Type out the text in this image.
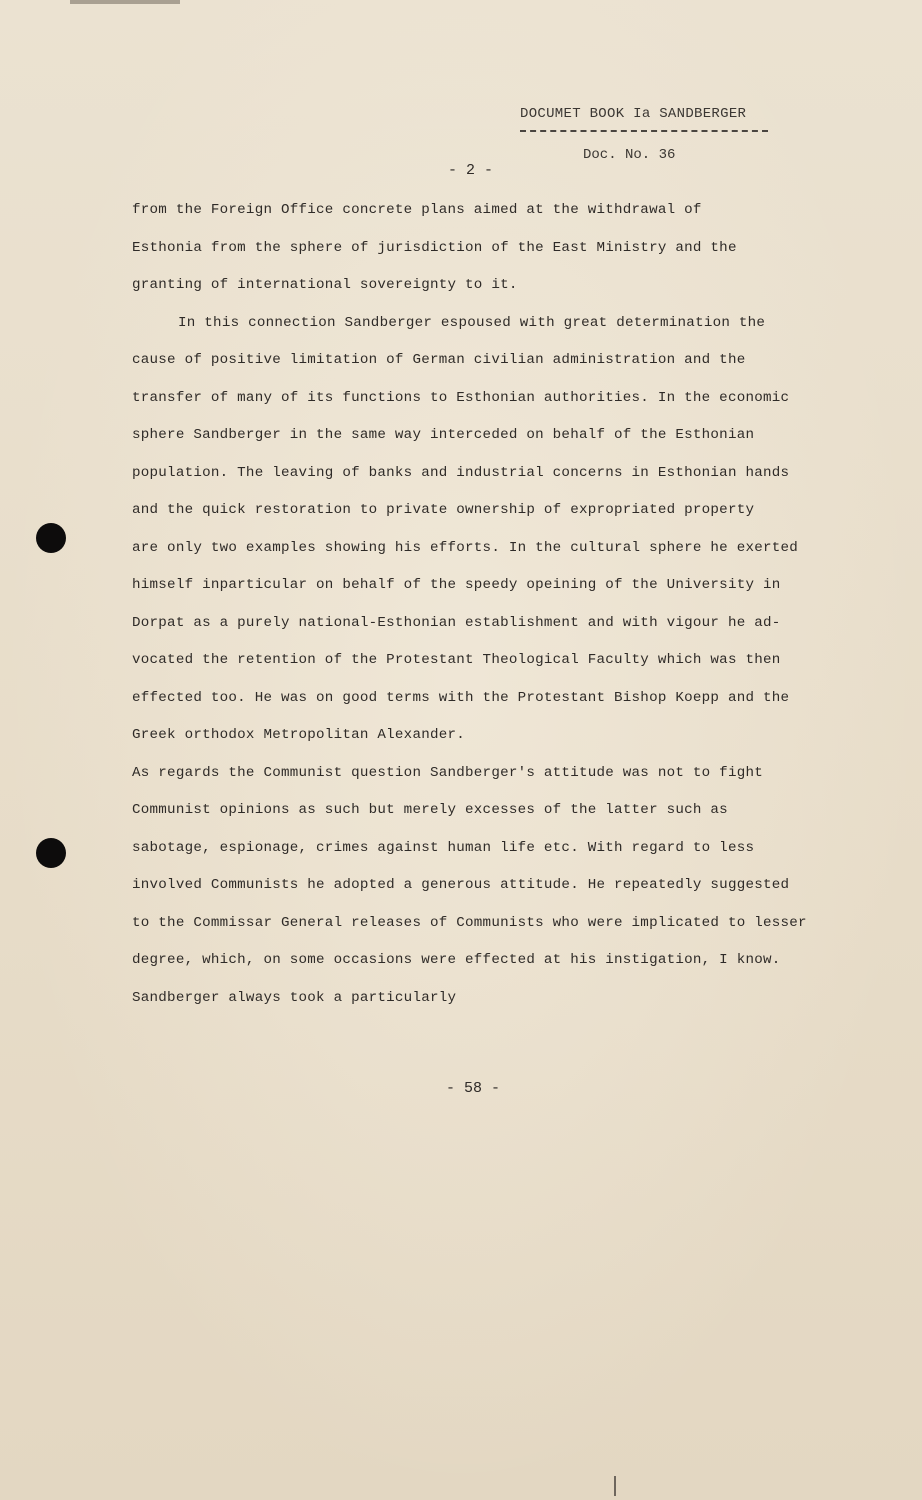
DOCUMET BOOK Ia SANDBERGER
Doc. No. 36
- 2 -
from the Foreign Office concrete plans aimed at the withdrawal of
Esthonia from the sphere of jurisdiction of the East Ministry and the
granting of international sovereignty to it.
In this connection Sandberger espoused with great determination the
cause of positive limitation of German civilian administration and the
transfer of many of its functions to Esthonian authorities. In the economic
sphere Sandberger in the same way interceded on behalf of the Esthonian
population. The leaving of banks and industrial concerns in Esthonian hands
and the quick restoration to private ownership of expropriated property
are only two examples showing his efforts. In the cultural sphere he exerted
himself inparticular on behalf of the speedy opeining of the University in
Dorpat as a purely national-Esthonian establishment and with vigour he ad-
vocated the retention of the Protestant Theological Faculty which was then
effected too. He was on good terms with the Protestant Bishop Koepp and the
Greek orthodox Metropolitan Alexander.
As regards the Communist question Sandberger's attitude was not to fight
Communist opinions as such but merely excesses of the latter such as
sabotage, espionage, crimes against human life etc. With regard to less
involved Communists he adopted a generous attitude. He repeatedly suggested
to the Commissar General releases of Communists who were implicated to lesser
degree, which, on some occasions were effected at his instigation, I know.
Sandberger always took a particularly
- 58 -
